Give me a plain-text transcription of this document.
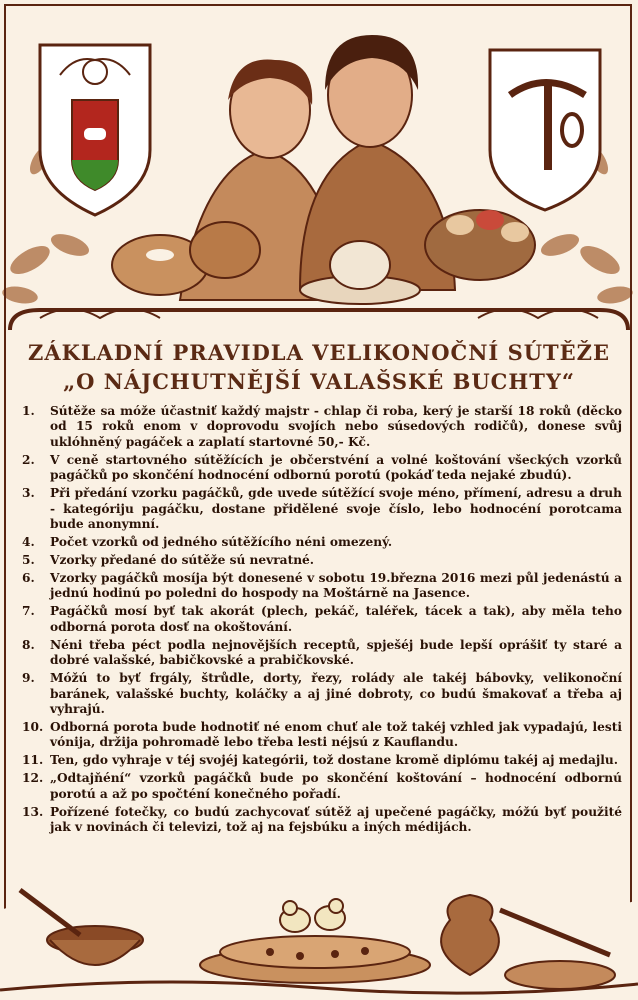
ZÁKLADNÍ PRAVIDLA VELIKONOČNÍ SÚTĚŽE

„O NÁJCHUTNĚJŠÍ VALAŠSKÉ BUCHTY“

1.	Sútěže sa móže účastniť každý majstr - chlap či roba, kerý je starší 18 roků (děcko od 15 roků enom v doprovodu svojích nebo súsedových rodičů), donese svůj uklóhněný pagáček a zaplatí startovné 50,- Kč.
2.	V ceně startovného sútěžících je občerstvéní a volné koštování všeckých vzorků pagáčků po skončéní hodnocéní odbornú porotú (pokáď teda nejaké zbudú).
3.	Při předání vzorku pagáčků, gde uvede sútěžící svoje méno, přímení, adresu a druh - kategóriju pagáčku, dostane přidělené svoje číslo, lebo hodnocéní porotcama bude anonymní.
4.	Počet vzorků od jedného sútěžícího néni omezený.
5.	Vzorky předané do sútěže sú nevratné.
6.	Vzorky pagáčků mosíja být donesené v sobotu 19.března 2016 mezi půl jedenástú a jednú hodinú po poledni do hospody na Moštárně na Jasence.
7.	Pagáčků mosí byť tak akorát (plech, pekáč, taléřek, tácek a tak), aby měla teho odborná porota dosť na okoštování.
8.	Néni třeba péct podla nejnovějších receptů, spješéj bude lepší oprášiť ty staré a dobré valašské, babičkovské a prabičkovské.
9.	Móžú to byť frgály, štrůdle, dorty, řezy, rolády ale takéj bábovky, velikonoční baránek, valašské buchty, koláčky a aj jiné dobroty, co budú šmakovať a třeba aj vyhrajú.
10. Odborná porota bude hodnotiť né enom chuť ale tož takéj vzhled jak vypadajú, lesti vónija, držija pohromadě lebo třeba lesti néjsú z Kauflandu.
11. Ten, gdo vyhraje v téj svojéj kategórii, tož dostane kromě diplómu takéj aj medajlu.
12. „Odtajňéní“ vzorků pagáčků bude po skončéní koštování – hodnocéní odbornú porotú a až po spočténí konečného pořadí.
13. Pořízené fotečky, co budú zachycovať sútěž aj upečené pagáčky, móžú byť použité jak v novinách či televizi, tož aj na fejsbúku a iných médijách.
